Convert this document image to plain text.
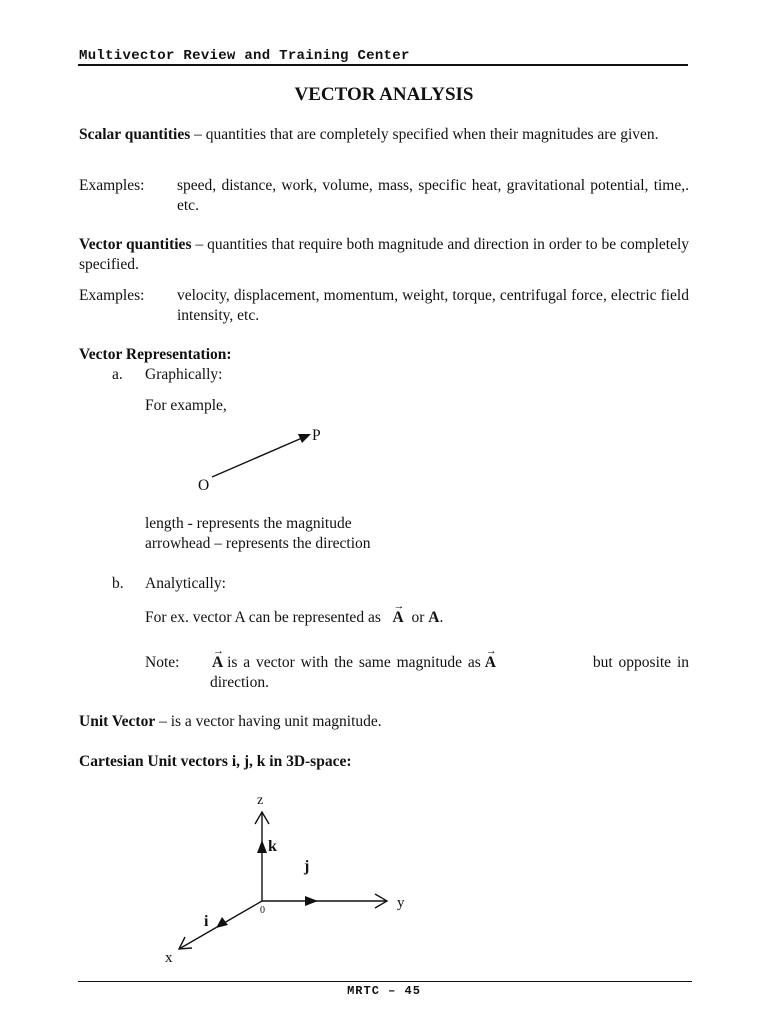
Multivector Review and Training Center
VECTOR ANALYSIS
Scalar quantities – quantities that are completely specified when their magnitudes are given.
Examples: speed, distance, work, volume, mass, specific heat, gravitational potential, time,. etc.
Vector quantities – quantities that require both magnitude and direction in order to be completely specified.
Examples: velocity, displacement, momentum, weight, torque, centrifugal force, electric field intensity, etc.
Vector Representation:
a. Graphically:
For example,
P
O
length - represents the magnitude
arrowhead – represents the direction
b. Analytically:
For ex. vector A can be represented as → A or A.
Note: → A is a vector with the same magnitude as → A	but opposite in
direction.
Unit Vector – is a vector having unit magnitude.
Cartesian Unit vectors i, j, k in 3D-space:
z
y
x
0
k
j
i
MRTC – 45
